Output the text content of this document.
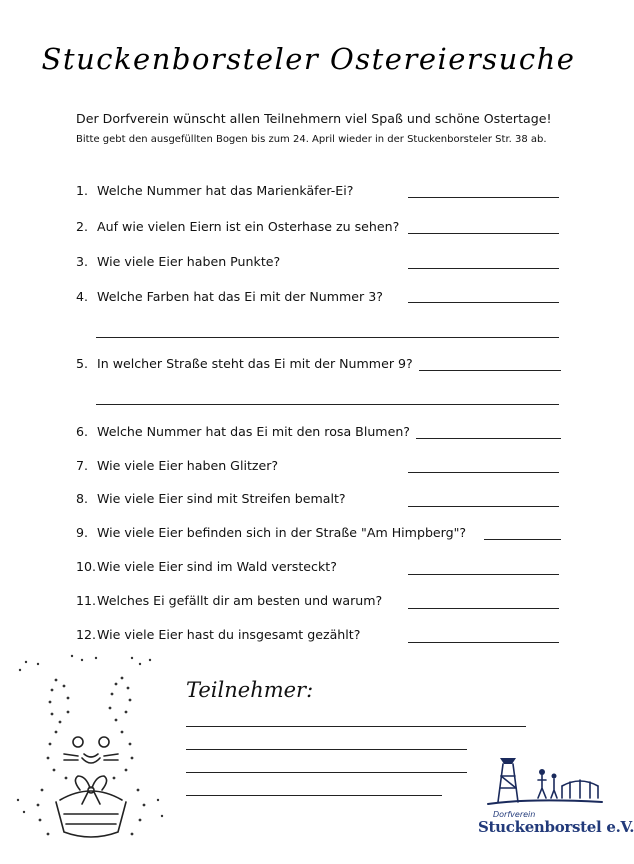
Stuckenborsteler Ostereiersuche
Der Dorfverein wünscht allen Teilnehmern viel Spaß und schöne Ostertage!
Bitte gebt den ausgefüllten Bogen bis zum 24. April wieder in der Stuckenborsteler Str. 38 ab.
1. Welche Nummer hat das Marienkäfer-Ei?
2. Auf wie vielen Eiern ist ein Osterhase zu sehen?
3. Wie viele Eier haben Punkte?
4. Welche Farben hat das Ei mit der Nummer 3?
5. In welcher Straße steht das Ei mit der Nummer 9?
6. Welche Nummer hat das Ei mit den rosa Blumen?
7. Wie viele Eier haben Glitzer?
8. Wie viele Eier sind mit Streifen bemalt?
9. Wie viele Eier befinden sich in der Straße "Am Himpberg"?
10. Wie viele Eier sind im Wald versteckt?
11. Welches Ei gefällt dir am besten und warum?
12. Wie viele Eier hast du insgesamt gezählt?
Teilnehmer:
Dorfverein
Stuckenborstel e.V.
